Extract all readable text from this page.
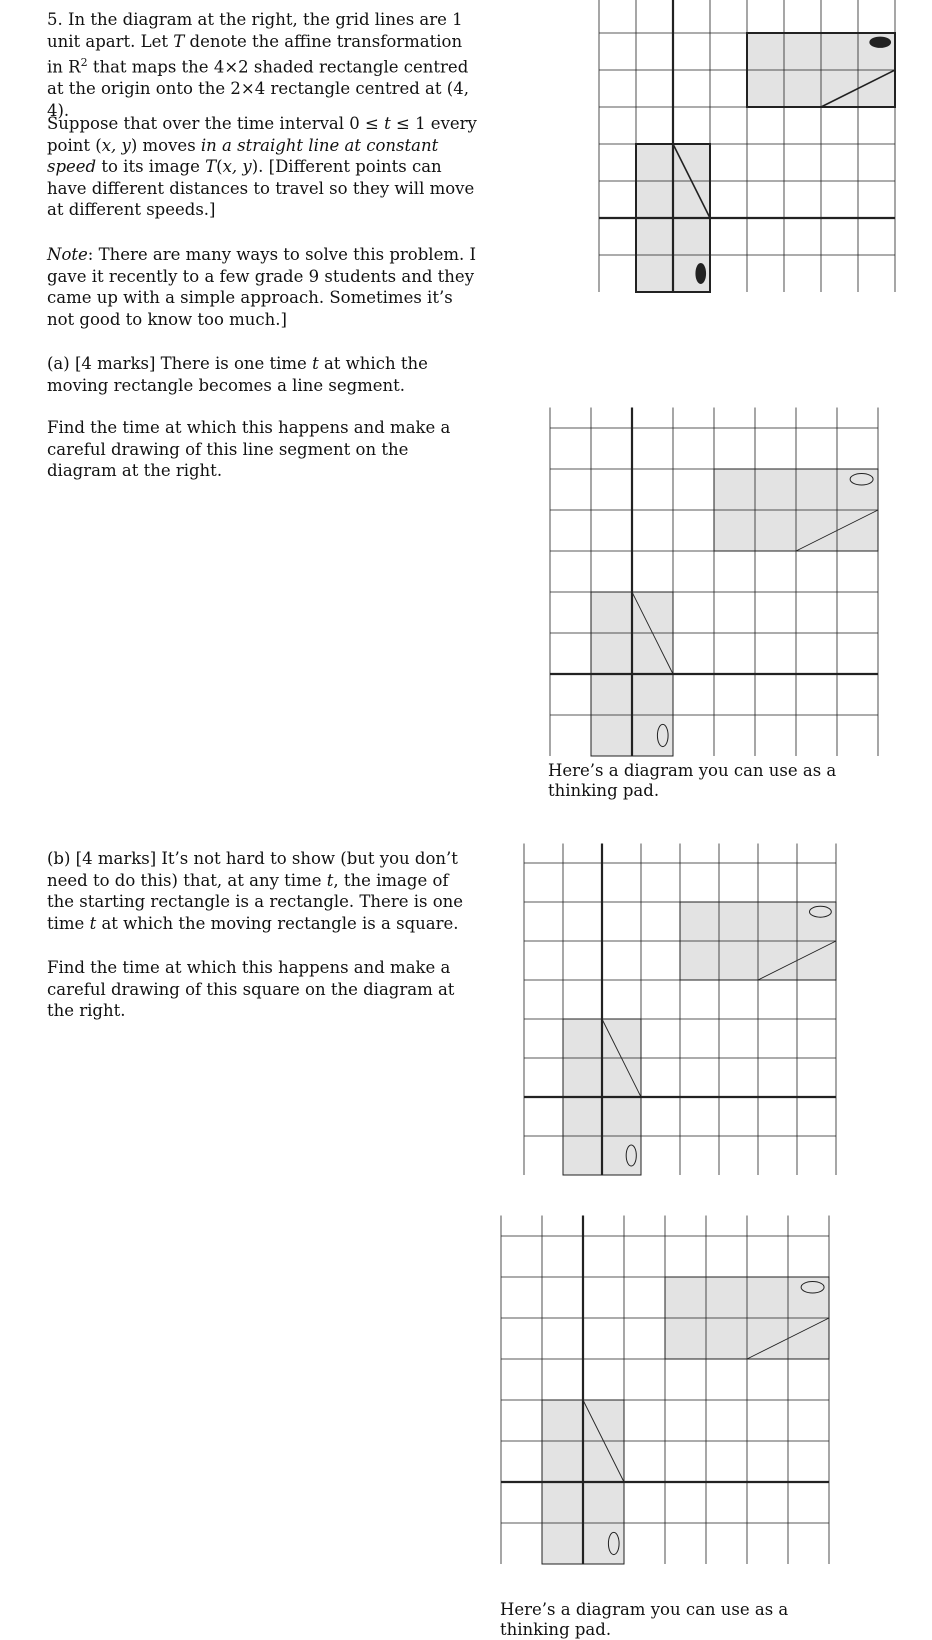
5. In the diagram at the right, the grid lines are 1 unit apart. Let T denote the affine transformation in $R^2$ that maps the 4×2 shaded rectangle centred at the origin onto the 2×4 rectangle centred at (4, 4).

Suppose that over the time interval 0 ≤ t ≤ 1 every point (x, y) moves in a straight line at constant speed to its image T(x, y). [Different points can have different distances to travel so they will move at different speeds.]

Note: There are many ways to solve this problem. I gave it recently to a few grade 9 students and they came up with a simple approach. Sometimes it’s not good to know too much.]

(a) [4 marks] There is one time t at which the moving rectangle becomes a line segment.

Find the time at which this happens and make a careful drawing of this line segment on the diagram at the right.

(b) [4 marks] It’s not hard to show (but you don’t need to do this) that, at any time t, the image of the starting rectangle is a rectangle. There is one time t at which the moving rectangle is a square.

Find the time at which this happens and make a careful drawing of this square on the diagram at the right.

Here’s a diagram you can use as a thinking pad.

Here’s a diagram you can use as a thinking pad.
